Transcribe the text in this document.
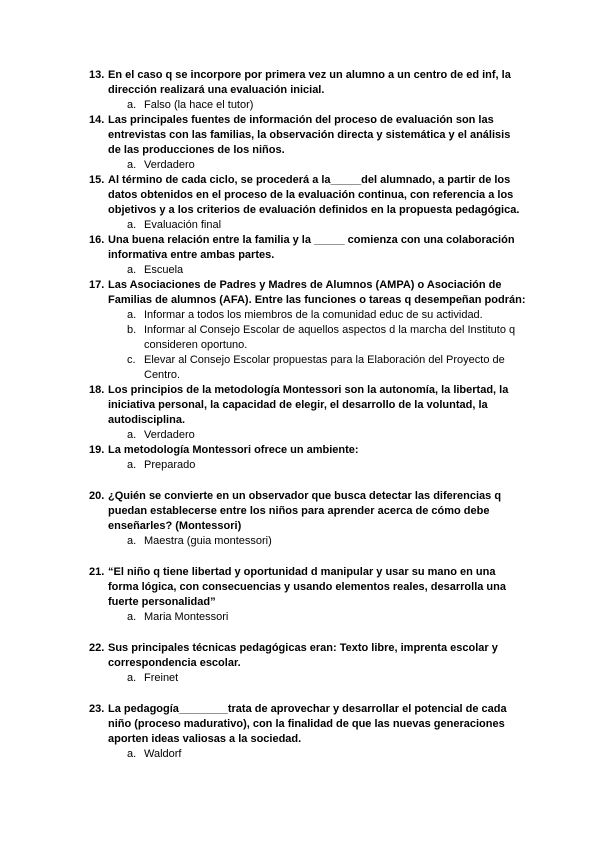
13. En el caso q se incorpore por primera vez un alumno a un centro de ed inf, la dirección realizará una evaluación inicial.
a. Falso (la hace el tutor)
14. Las principales fuentes de información del proceso de evaluación son las entrevistas con las familias, la observación directa y sistemática y el análisis de las producciones de los niños.
a. Verdadero
15. Al término de cada ciclo, se procederá a la_____del alumnado, a partir de los datos obtenidos en el proceso de la evaluación continua, con referencia a los objetivos y a los criterios de evaluación definidos en la propuesta pedagógica.
a. Evaluación final
16. Una buena relación entre la familia y la _____ comienza con una colaboración informativa entre ambas partes.
a. Escuela
17. Las Asociaciones de Padres y Madres de Alumnos (AMPA) o Asociación de Familias de alumnos (AFA). Entre las funciones o tareas q desempeñan podrán:
a. Informar a todos los miembros de la comunidad educ de su actividad.
b. Informar al Consejo Escolar de aquellos aspectos d la marcha del Instituto q consideren oportuno.
c. Elevar al Consejo Escolar propuestas para la Elaboración del Proyecto de Centro.
18. Los principios de la metodología Montessori son la autonomía, la libertad, la iniciativa personal, la capacidad de elegir, el desarrollo de la voluntad, la autodisciplina.
a. Verdadero
19. La metodología Montessori ofrece un ambiente:
a. Preparado
20. ¿Quién se convierte en un observador que busca detectar las diferencias q puedan establecerse entre los niños para aprender acerca de cómo debe enseñarles? (Montessori)
a. Maestra (guia montessori)
21. “El niño q tiene libertad y oportunidad d manipular y usar su mano en una forma lógica, con consecuencias y usando elementos reales, desarrolla una fuerte personalidad”
a. Maria Montessori
22. Sus principales técnicas pedagógicas eran: Texto libre, imprenta escolar y correspondencia escolar.
a. Freinet
23. La pedagogía________trata de aprovechar y desarrollar el potencial de cada niño (proceso madurativo), con la finalidad de que las nuevas generaciones aporten ideas valiosas a la sociedad.
a. Waldorf
